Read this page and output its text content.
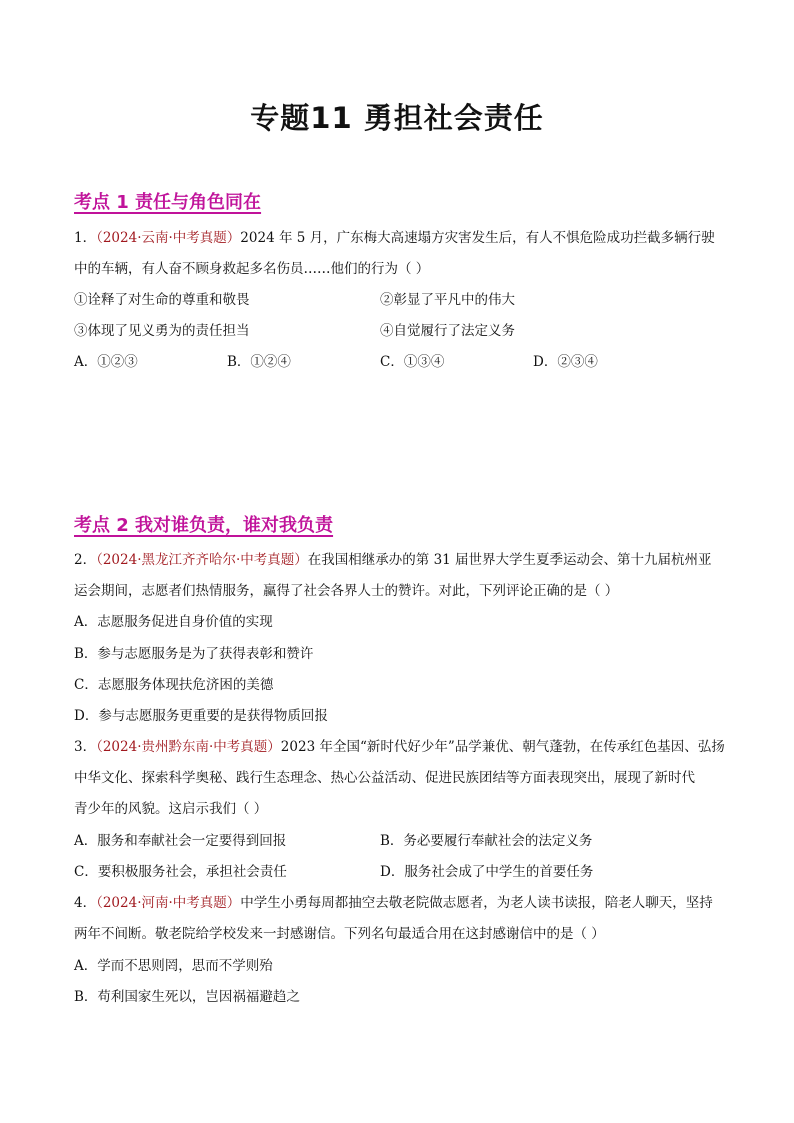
专题11 勇担社会责任
考点 1 责任与角色同在
1．（2024·云南·中考真题）2024 年 5 月，广东梅大高速塌方灾害发生后，有人不惧危险成功拦截多辆行驶
中的车辆，有人奋不顾身救起多名伤员……他们的行为（ ）
①诠释了对生命的尊重和敬畏	②彰显了平凡中的伟大
③体现了见义勇为的责任担当	④自觉履行了法定义务
A．①②③	B．①②④	C．①③④	D．②③④
考点 2 我对谁负责，谁对我负责
2．（2024·黑龙江齐齐哈尔·中考真题）在我国相继承办的第 31 届世界大学生夏季运动会、第十九届杭州亚
运会期间，志愿者们热情服务，赢得了社会各界人士的赞许。对此，下列评论正确的是（ ）
A．志愿服务促进自身价值的实现
B．参与志愿服务是为了获得表彰和赞许
C．志愿服务体现扶危济困的美德
D．参与志愿服务更重要的是获得物质回报
3．（2024·贵州黔东南·中考真题）2023 年全国“新时代好少年”品学兼优、朝气蓬勃，在传承红色基因、弘扬
中华文化、探索科学奥秘、践行生态理念、热心公益活动、促进民族团结等方面表现突出，展现了新时代
青少年的风貌。这启示我们（ ）
A．服务和奉献社会一定要得到回报	B．务必要履行奉献社会的法定义务
C．要积极服务社会，承担社会责任	D．服务社会成了中学生的首要任务
4．（2024·河南·中考真题）中学生小勇每周都抽空去敬老院做志愿者，为老人读书读报，陪老人聊天，坚持
两年不间断。敬老院给学校发来一封感谢信。下列名句最适合用在这封感谢信中的是（ ）
A．学而不思则罔，思而不学则殆
B．苟利国家生死以，岂因祸福避趋之
